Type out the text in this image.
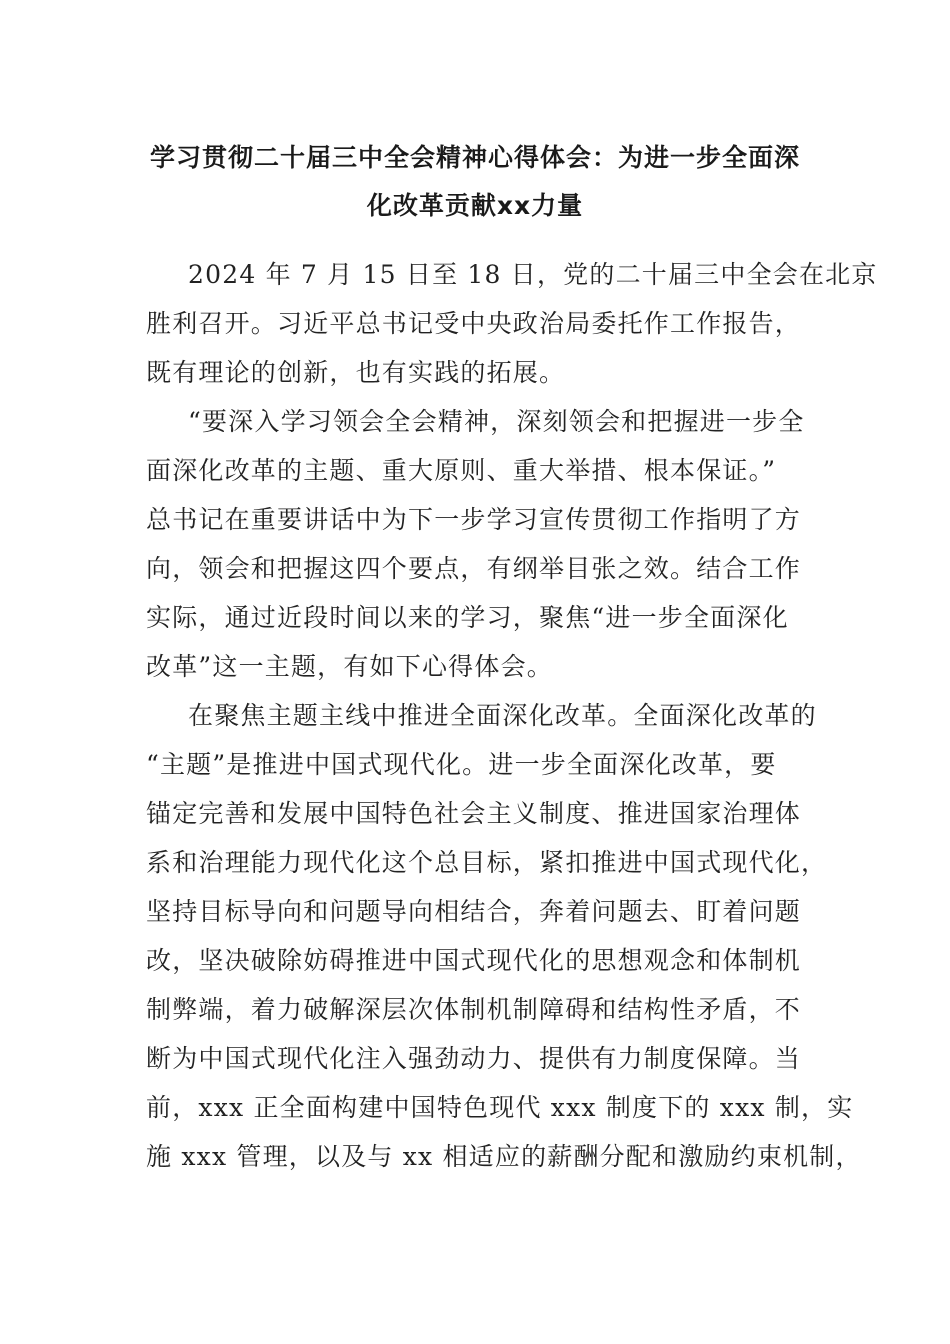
学习贯彻二十届三中全会精神心得体会：为进一步全面深
化改革贡献xx力量
2024 年 7 月 15 日至 18 日，党的二十届三中全会在北京
胜利召开。习近平总书记受中央政治局委托作工作报告，
既有理论的创新，也有实践的拓展。
“要深入学习领会全会精神，深刻领会和把握进一步全
面深化改革的主题、重大原则、重大举措、根本保证。”
总书记在重要讲话中为下一步学习宣传贯彻工作指明了方
向，领会和把握这四个要点，有纲举目张之效。结合工作
实际，通过近段时间以来的学习，聚焦“进一步全面深化
改革”这一主题，有如下心得体会。
在聚焦主题主线中推进全面深化改革。全面深化改革的
“主题”是推进中国式现代化。进一步全面深化改革，要
锚定完善和发展中国特色社会主义制度、推进国家治理体
系和治理能力现代化这个总目标，紧扣推进中国式现代化，
坚持目标导向和问题导向相结合，奔着问题去、盯着问题
改，坚决破除妨碍推进中国式现代化的思想观念和体制机
制弊端，着力破解深层次体制机制障碍和结构性矛盾，不
断为中国式现代化注入强劲动力、提供有力制度保障。当
前，xxx 正全面构建中国特色现代 xxx 制度下的 xxx 制，实
施 xxx 管理，以及与 xx 相适应的薪酬分配和激励约束机制，
